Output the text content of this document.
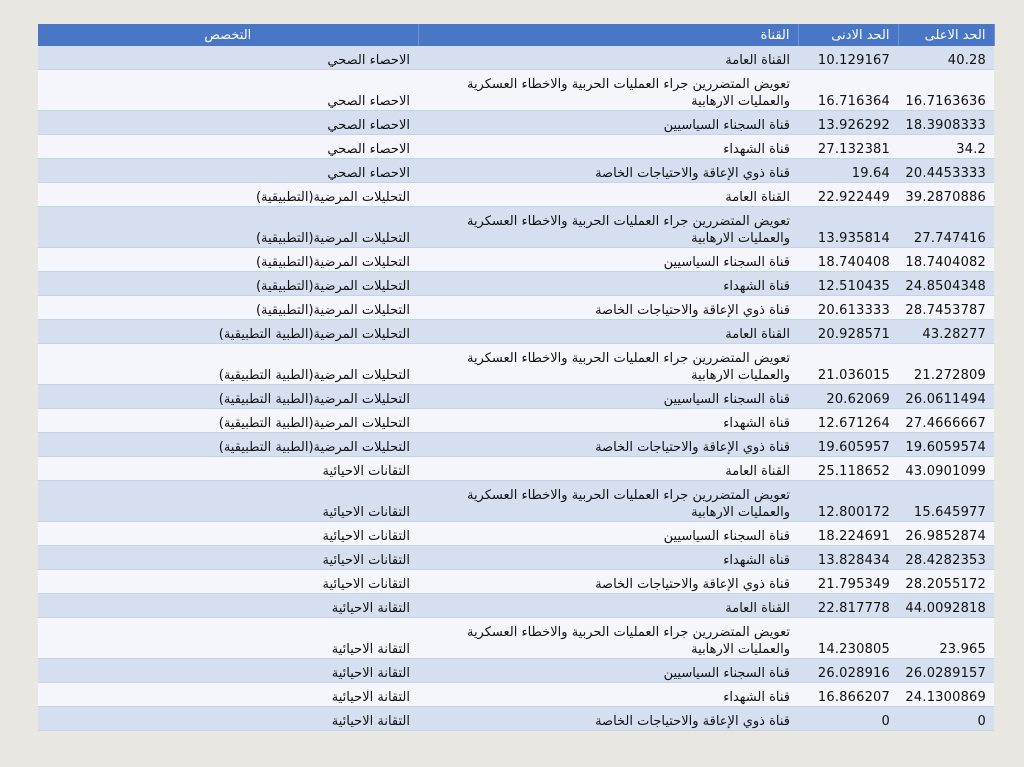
الحد الاعلى	الحد الادنى	القناة	التخصص
40.28	10.129167	القناة العامة	الاحصاء الصحي
16.7163636	16.716364	تعويض المتضررين جراء العمليات الحربية والاخطاء العسكرية والعمليات الارهابية	الاحصاء الصحي
18.3908333	13.926292	قناة السجناء السياسيين	الاحصاء الصحي
34.2	27.132381	قناة الشهداء	الاحصاء الصحي
20.4453333	19.64	قناة ذوي الإعاقة والاحتياجات الخاصة	الاحصاء الصحي
39.2870886	22.922449	القناة العامة	التحليلات المرضية(التطبيقية)
27.747416	13.935814	تعويض المتضررين جراء العمليات الحربية والاخطاء العسكرية والعمليات الارهابية	التحليلات المرضية(التطبيقية)
18.7404082	18.740408	قناة السجناء السياسيين	التحليلات المرضية(التطبيقية)
24.8504348	12.510435	قناة الشهداء	التحليلات المرضية(التطبيقية)
28.7453787	20.613333	قناة ذوي الإعاقة والاحتياجات الخاصة	التحليلات المرضية(التطبيقية)
43.28277	20.928571	القناة العامة	التحليلات المرضية(الطبية التطبيقية)
21.272809	21.036015	تعويض المتضررين جراء العمليات الحربية والاخطاء العسكرية والعمليات الارهابية	التحليلات المرضية(الطبية التطبيقية)
26.0611494	20.62069	قناة السجناء السياسيين	التحليلات المرضية(الطبية التطبيقية)
27.4666667	12.671264	قناة الشهداء	التحليلات المرضية(الطبية التطبيقية)
19.6059574	19.605957	قناة ذوي الإعاقة والاحتياجات الخاصة	التحليلات المرضية(الطبية التطبيقية)
43.0901099	25.118652	القناة العامة	التقانات الاحيائية
15.645977	12.800172	تعويض المتضررين جراء العمليات الحربية والاخطاء العسكرية والعمليات الارهابية	التقانات الاحيائية
26.9852874	18.224691	قناة السجناء السياسيين	التقانات الاحيائية
28.4282353	13.828434	قناة الشهداء	التقانات الاحيائية
28.2055172	21.795349	قناة ذوي الإعاقة والاحتياجات الخاصة	التقانات الاحيائية
44.0092818	22.817778	القناة العامة	التقانة الاحيائية
23.965	14.230805	تعويض المتضررين جراء العمليات الحربية والاخطاء العسكرية والعمليات الارهابية	التقانة الاحيائية
26.0289157	26.028916	قناة السجناء السياسيين	التقانة الاحيائية
24.1300869	16.866207	قناة الشهداء	التقانة الاحيائية
0	0	قناة ذوي الإعاقة والاحتياجات الخاصة	التقانة الاحيائية
